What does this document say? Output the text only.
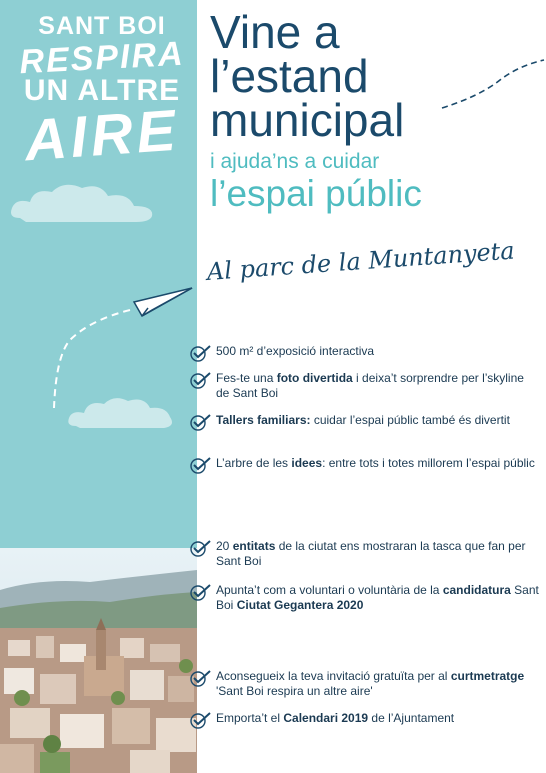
SANT BOI
RESPIRA
UN ALTRE
AIRE
Vine a
l’estand
municipal
i ajuda’ns a cuidar
l’espai públic
Al parc de la Muntanyeta
500 m² d’exposició interactiva
Fes-te una foto divertida i deixa’t sorprendre per l’skyline de Sant Boi
Tallers familiars: cuidar l’espai públic també és divertit
L’arbre de les idees: entre tots i totes millorem l’espai públic
20 entitats de la ciutat ens mostraran la tasca que fan per Sant Boi
Apunta’t com a voluntari o voluntària de la candidatura Sant Boi Ciutat Gegantera 2020
Aconsegueix la teva invitació gratuïta per al curtmetratge 'Sant Boi respira un altre aire'
Emporta’t el Calendari 2019 de l’Ajuntament
